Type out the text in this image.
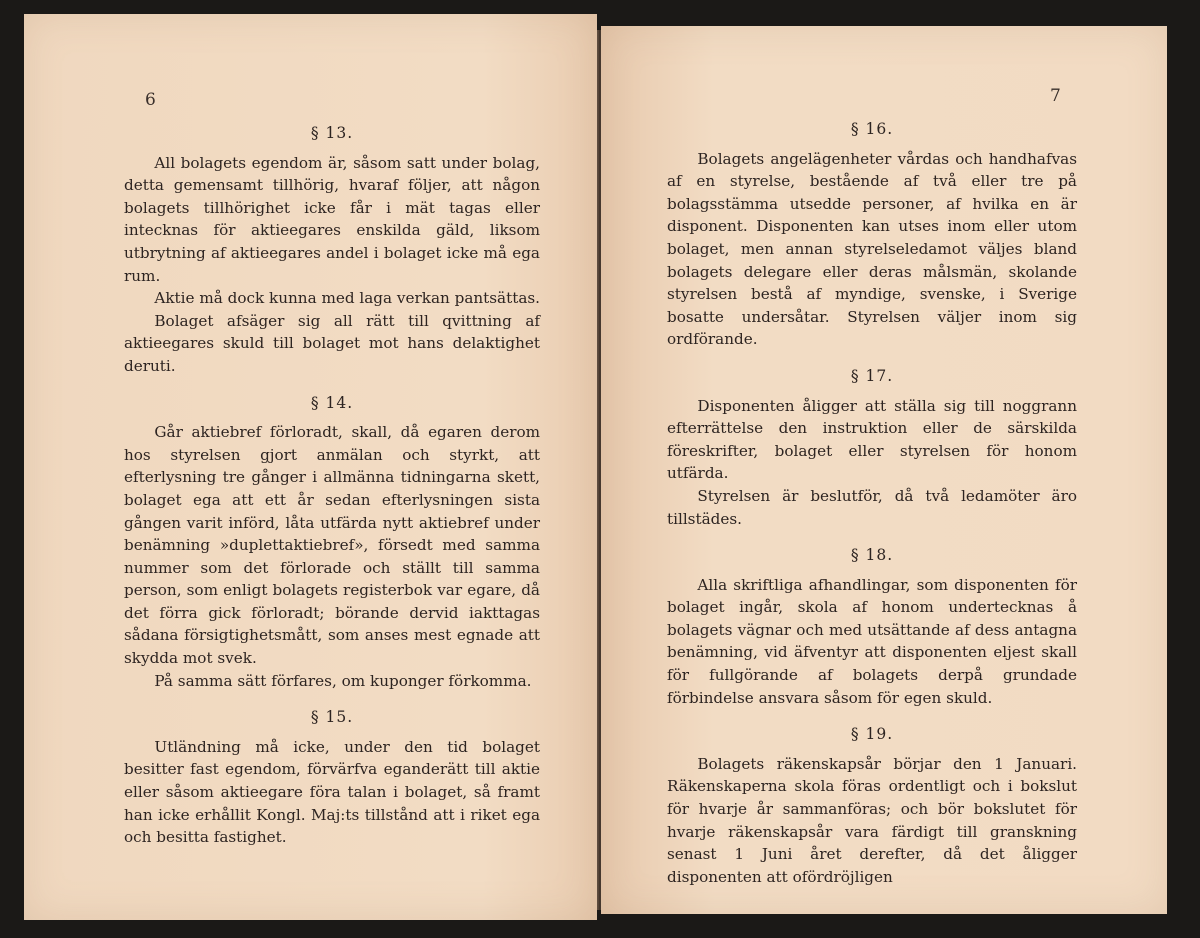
6

§ 13.

All bolagets egendom är, såsom satt under bolag, detta gemensamt tillhörig, hvaraf följer, att någon bolagets tillhörighet icke får i mät tagas eller intecknas för aktieegares enskilda gäld, liksom utbrytning af aktieegares andel i bolaget icke må ega rum.

Aktie må dock kunna med laga verkan pantsättas.

Bolaget afsäger sig all rätt till qvittning af aktieegares skuld till bolaget mot hans delaktighet deruti.

§ 14.

Går aktiebref förloradt, skall, då egaren derom hos styrelsen gjort anmälan och styrkt, att efterlysning tre gånger i allmänna tidningarna skett, bolaget ega att ett år sedan efterlysningen sista gången varit införd, låta utfärda nytt aktiebref under benämning »duplettaktiebref», försedt med samma nummer som det förlorade och ställt till samma person, som enligt bolagets registerbok var egare, då det förra gick förloradt; börande dervid iakttagas sådana försigtighetsmått, som anses mest egnade att skydda mot svek.

På samma sätt förfares, om kuponger förkomma.

§ 15.

Utländning må icke, under den tid bolaget besitter fast egendom, förvärfva eganderätt till aktie eller såsom aktieegare föra talan i bolaget, så framt han icke erhållit Kongl. Maj:ts tillstånd att i riket ega och besitta fastighet.

7

§ 16.

Bolagets angelägenheter vårdas och handhafvas af en styrelse, bestående af två eller tre på bolagsstämma utsedde personer, af hvilka en är disponent. Disponenten kan utses inom eller utom bolaget, men annan styrelseledamot väljes bland bolagets delegare eller deras målsmän, skolande styrelsen bestå af myndige, svenske, i Sverige bosatte undersåtar. Styrelsen väljer inom sig ordförande.

§ 17.

Disponenten åligger att ställa sig till noggrann efterrättelse den instruktion eller de särskilda föreskrifter, bolaget eller styrelsen för honom utfärda.

Styrelsen är beslutför, då två ledamöter äro tillstädes.

§ 18.

Alla skriftliga afhandlingar, som disponenten för bolaget ingår, skola af honom undertecknas å bolagets vägnar och med utsättande af dess antagna benämning, vid äfventyr att disponenten eljest skall för fullgörande af bolagets derpå grundade förbindelse ansvara såsom för egen skuld.

§ 19.

Bolagets räkenskapsår börjar den 1 Januari. Räkenskaperna skola föras ordentligt och i bokslut för hvarje år sammanföras; och bör bokslutet för hvarje räkenskapsår vara färdigt till granskning senast 1 Juni året derefter, då det åligger disponenten att ofördröjligen
